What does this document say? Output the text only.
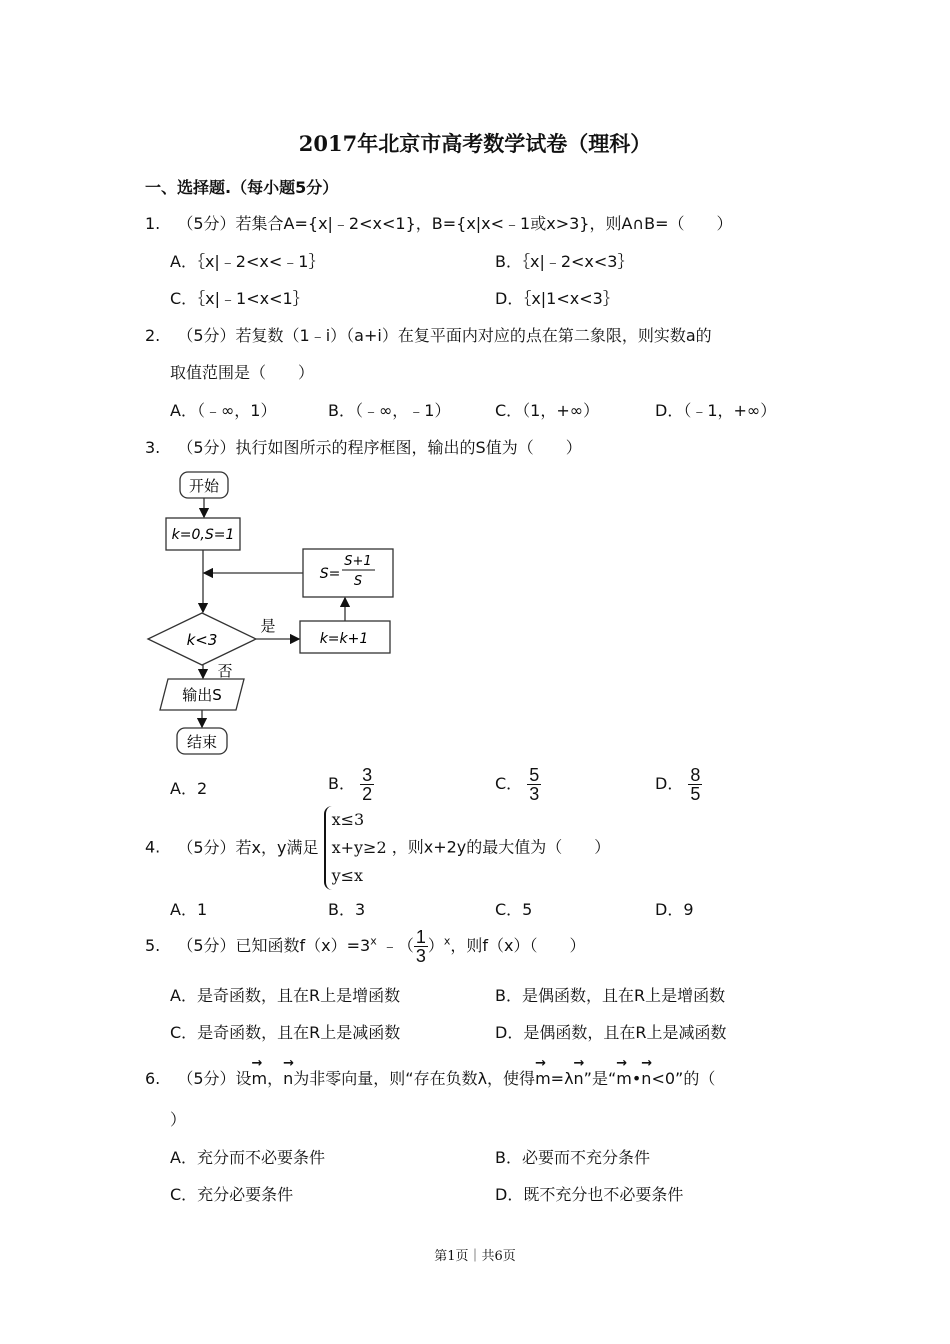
2017年北京市高考数学试卷（理科）
一、选择题.（每小题5分）
1. （5分）若集合A={x|﹣2<x<1}，B={x|x<﹣1或x>3}，则A∩B=（　　）
A．｛x|﹣2<x<﹣1｝	B．｛x|﹣2<x<3｝
C．｛x|﹣1<x<1｝	D．｛x|1<x<3｝
2. （5分）若复数（1﹣i）（a+i）在复平面内对应的点在第二象限，则实数a的
取值范围是（　　）
A．（﹣∞，1）	B．（﹣∞，﹣1）	C．（1，+∞）	D．（﹣1，+∞）
3. （5分）执行如图所示的程序框图，输出的S值为（　　）
开始
k=0,S=1
S=
S+1
S
k<3
是
k=k+1
否
输出S
结束
A．2	B． $\frac{3}{2}$	C． $\frac{5}{3}$	D． $\frac{8}{5}$
4. （5分）若x，y满足
x≤3
x+y≥2
y≤x
，则x+2y的最大值为（　　）
A．1	B．3	C．5	D．9
5. （5分）已知函数$f(x)=3^x$ ﹣（ $\frac{1}{3} )^x$，则f（x）（　　）
A．是奇函数，且在R上是增函数	B．是偶函数，且在R上是增函数
C．是奇函数，且在R上是减函数	D．是偶函数，且在R上是减函数
6. （5分）设→ m，→ n为非零向量，则“存在负数λ，使得→ m=λ→ n”是“→ m•→ n<0”的（
）
A．充分而不必要条件	B．必要而不充分条件
C．充分必要条件	D．既不充分也不必要条件
第1页｜共6页
